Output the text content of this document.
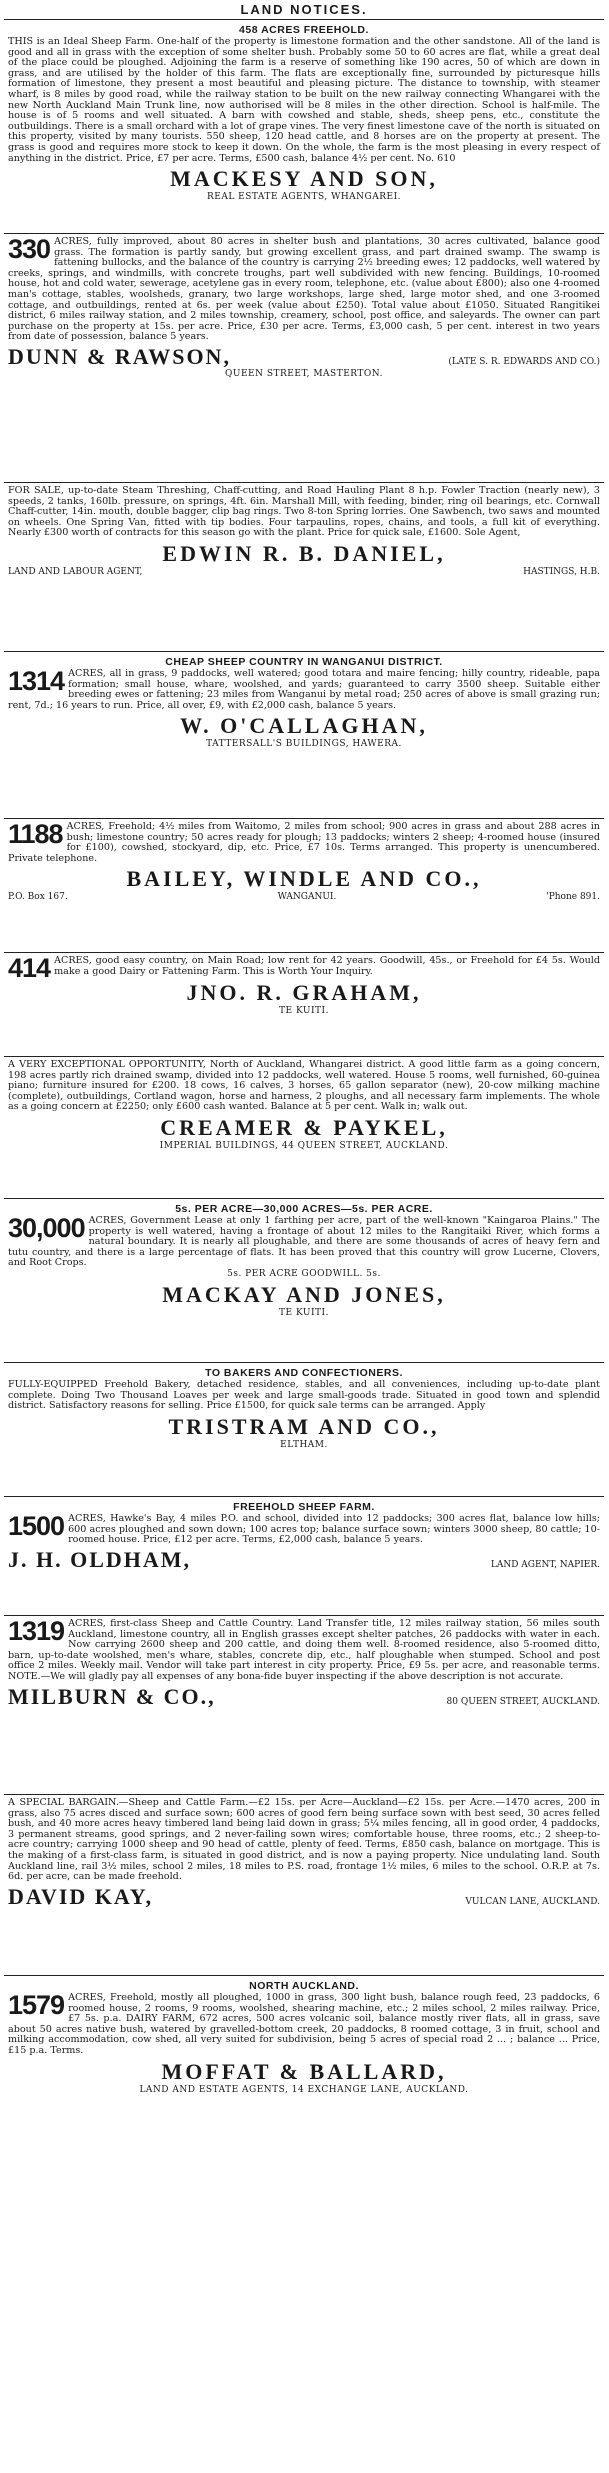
LAND NOTICES.
458 ACRES FREEHOLD.
THIS is an Ideal Sheep Farm. One-half of the property is limestone formation and the other sandstone. All of the land is good and all in grass with the exception of some shelter bush. Probably some 50 to 60 acres are flat, while a great deal of the place could be ploughed. Adjoining the farm is a reserve of something like 190 acres, 50 of which are down in grass, and are utilised by the holder of this farm. The flats are exceptionally fine, surrounded by picturesque hills formation of limestone, they present a most beautiful and pleasing picture. The distance to township, with steamer wharf, is 8 miles by good road, while the railway station to be built on the new railway connecting Whangarei with the new North Auckland Main Trunk line, now authorised will be 8 miles in the other direction. School is half-mile. The house is of 5 rooms and well situated. A barn with cowshed and stable, sheds, sheep pens, etc., constitute the outbuildings. There is a small orchard with a lot of grape vines. The very finest limestone cave of the north is situated on this property, visited by many tourists. 550 sheep, 120 head cattle, and 8 horses are on the property at present. The grass is good and requires more stock to keep it down. On the whole, the farm is the most pleasing in every respect of anything in the district. Price, £7 per acre. Terms, £500 cash, balance 4½ per cent. No. 610
MACKESY AND SON,
REAL ESTATE AGENTS, WHANGAREI.
330 ACRES, fully improved, about 80 acres in shelter bush and plantations, 30 acres cultivated, balance good grass. The formation is partly sandy, but growing excellent grass, and part drained swamp. The swamp is fattening bullocks, and the balance of the country is carrying 2½ breeding ewes; 12 paddocks, well watered by creeks, springs, and windmills, with concrete troughs, part well subdivided with new fencing. Buildings, 10-roomed house, hot and cold water, sewerage, acetylene gas in every room, telephone, etc. (value about £800); also one 4-roomed man's cottage, stables, woolsheds, granary, two large workshops, large shed, large motor shed, and one 3-roomed cottage, and outbuildings, rented at 6s. per week (value about £250). Total value about £1050. Situated Rangitikei district, 6 miles railway station, and 2 miles township, creamery, school, post office, and saleyards. The owner can part purchase on the property at 15s. per acre. Price, £30 per acre. Terms, £3,000 cash, 5 per cent. interest in two years from date of possession, balance 5 years.
DUNN & RAWSON,	(LATE S. R. EDWARDS AND CO.)
QUEEN STREET, MASTERTON.
FOR SALE, up-to-date Steam Threshing, Chaff-cutting, and Road Hauling Plant 8 h.p. Fowler Traction (nearly new), 3 speeds, 2 tanks, 160lb. pressure, on springs, 4ft. 6in. Marshall Mill, with feeding, binder, ring oil bearings, etc. Cornwall Chaff-cutter, 14in. mouth, double bagger, clip bag rings. Two 8-ton Spring lorries. One Sawbench, two saws and mounted on wheels. One Spring Van, fitted with tip bodies. Four tarpaulins, ropes, chains, and tools, a full kit of everything. Nearly £300 worth of contracts for this season go with the plant. Price for quick sale, £1600. Sole Agent,
EDWIN R. B. DANIEL,
LAND AND LABOUR AGENT,	HASTINGS, H.B.
CHEAP SHEEP COUNTRY IN WANGANUI DISTRICT.
1314 ACRES, all in grass, 9 paddocks, well watered; good totara and maire fencing; hilly country, rideable, papa formation; small house, whare, woolshed, and yards; guaranteed to carry 3500 sheep. Suitable either breeding ewes or fattening; 23 miles from Wanganui by metal road; 250 acres of above is small grazing run; rent, 7d.; 16 years to run. Price, all over, £9, with £2,000 cash, balance 5 years.
W. O'CALLAGHAN,
TATTERSALL'S BUILDINGS, HAWERA.
1188 ACRES, Freehold; 4½ miles from Waitomo, 2 miles from school; 900 acres in grass and about 288 acres in bush; limestone country; 50 acres ready for plough; 13 paddocks; winters 2 sheep; 4-roomed house (insured for £100), cowshed, stockyard, dip, etc. Price, £7 10s. Terms arranged. This property is unencumbered. Private telephone.
BAILEY, WINDLE AND CO.,
P.O. Box 167.	WANGANUI.	'Phone 891.
414 ACRES, good easy country, on Main Road; low rent for 42 years. Goodwill, 45s., or Freehold for £4 5s. Would make a good Dairy or Fattening Farm. This is Worth Your Inquiry.
JNO. R. GRAHAM,
TE KUITI.
A VERY EXCEPTIONAL OPPORTUNITY, North of Auckland, Whangarei district. A good little farm as a going concern, 198 acres partly rich drained swamp, divided into 12 paddocks, well watered. House 5 rooms, well furnished, 60-guinea piano; furniture insured for £200. 18 cows, 16 calves, 3 horses, 65 gallon separator (new), 20-cow milking machine (complete), outbuildings, Cortland wagon, horse and harness, 2 ploughs, and all necessary farm implements. The whole as a going concern at £2250; only £600 cash wanted. Balance at 5 per cent. Walk in; walk out.
CREAMER & PAYKEL,
IMPERIAL BUILDINGS, 44 QUEEN STREET, AUCKLAND.
5s. PER ACRE—30,000 ACRES—5s. PER ACRE.
30,000 ACRES, Government Lease at only 1 farthing per acre, part of the well-known "Kaingaroa Plains." The property is well watered, having a frontage of about 12 miles to the Rangitaiki River, which forms a natural boundary. It is nearly all ploughable, and there are some thousands of acres of heavy fern and tutu country, and there is a large percentage of flats. It has been proved that this country will grow Lucerne, Clovers, and Root Crops.
5s. PER ACRE GOODWILL. 5s.
MACKAY AND JONES,
TE KUITI.
TO BAKERS AND CONFECTIONERS.
FULLY-EQUIPPED Freehold Bakery, detached residence, stables, and all conveniences, including up-to-date plant complete. Doing Two Thousand Loaves per week and large small-goods trade. Situated in good town and splendid district. Satisfactory reasons for selling. Price £1500, for quick sale terms can be arranged. Apply
TRISTRAM AND CO.,
ELTHAM.
FREEHOLD SHEEP FARM.
1500 ACRES, Hawke's Bay, 4 miles P.O. and school, divided into 12 paddocks; 300 acres flat, balance low hills; 600 acres ploughed and sown down; 100 acres top; balance surface sown; winters 3000 sheep, 80 cattle; 10-roomed house. Price, £12 per acre. Terms, £2,000 cash, balance 5 years.
J. H. OLDHAM,	LAND AGENT, NAPIER.
1319 ACRES, first-class Sheep and Cattle Country. Land Transfer title, 12 miles railway station, 56 miles south Auckland, limestone country, all in English grasses except shelter patches, 26 paddocks with water in each. Now carrying 2600 sheep and 200 cattle, and doing them well. 8-roomed residence, also 5-roomed ditto, barn, up-to-date woolshed, men's whare, stables, concrete dip, etc., half ploughable when stumped. School and post office 2 miles. Weekly mail. Vendor will take part interest in city property. Price, £9 5s. per acre, and reasonable terms. NOTE.—We will gladly pay all expenses of any bona-fide buyer inspecting if the above description is not accurate.
MILBURN & CO.,	80 QUEEN STREET, AUCKLAND.
A SPECIAL BARGAIN.—Sheep and Cattle Farm.—£2 15s. per Acre—Auckland—£2 15s. per Acre.—1470 acres, 200 in grass, also 75 acres disced and surface sown; 600 acres of good fern being surface sown with best seed, 30 acres felled bush, and 40 more acres heavy timbered land being laid down in grass; 5¼ miles fencing, all in good order, 4 paddocks, 3 permanent streams, good springs, and 2 never-failing sown wires; comfortable house, three rooms, etc.; 2 sheep-to-acre country; carrying 1000 sheep and 90 head of cattle, plenty of feed. Terms, £850 cash, balance on mortgage. This is the making of a first-class farm, is situated in good district, and is now a paying property. Nice undulating land. South Auckland line, rail 3½ miles, school 2 miles, 18 miles to P.S. road, frontage 1½ miles, 6 miles to the school. O.R.P. at 7s. 6d. per acre, can be made freehold.
DAVID KAY,	VULCAN LANE, AUCKLAND.
NORTH AUCKLAND.
1579 ACRES, Freehold, mostly all ploughed, 1000 in grass, 300 light bush, balance rough feed, 23 paddocks, 6 roomed house, 2 rooms, 9 rooms, woolshed, shearing machine, etc.; 2 miles school, 2 miles railway. Price, £7 5s. p.a. DAIRY FARM, 672 acres, 500 acres volcanic soil, balance mostly river flats, all in grass, save about 50 acres native bush, watered by gravelled-bottom creek, 20 paddocks, 8 roomed cottage, 3 in fruit, school and milking accommodation, cow shed, all very suited for subdivision, being 5 acres of special road 2 ... ; balance ... Price, £15 p.a. Terms.
MOFFAT & BALLARD,
LAND AND ESTATE AGENTS, 14 EXCHANGE LANE, AUCKLAND.
